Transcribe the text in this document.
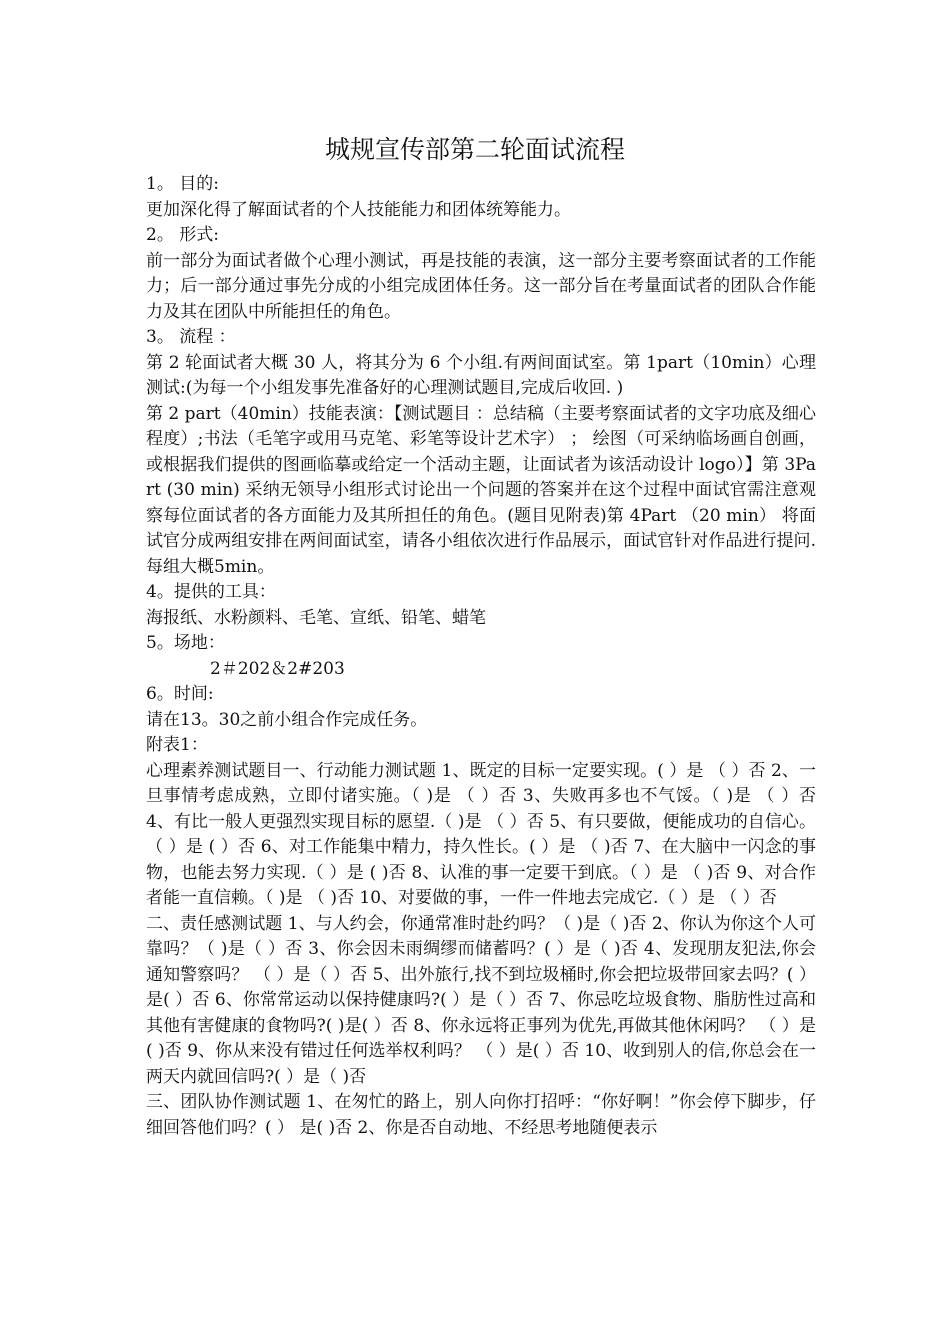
城规宣传部第二轮面试流程

1。 目的:

更加深化得了解面试者的个人技能能力和团体统筹能力。

2。 形式:

前一部分为面试者做个心理小测试，再是技能的表演，这一部分主要考察面试者的工作能力；后一部分通过事先分成的小组完成团体任务。这一部分旨在考量面试者的团队合作能力及其在团队中所能担任的角色。

3。 流程 ：

第 2 轮面试者大概 30 人，将其分为 6 个小组.有两间面试室。第 1part（10min）心理测试:(为每一个小组发事先准备好的心理测试题目,完成后收回. )

第 2 part（40min）技能表演：【测试题目 ：总结稿（主要考察面试者的文字功底及细心程度）;书法（毛笔字或用马克笔、彩笔等设计艺术字） ； 绘图（可采纳临场画自创画，或根据我们提供的图画临摹或给定一个活动主题，让面试者为该活动设计 logo）】第 3Part (30 min) 采纳无领导小组形式讨论出一个问题的答案并在这个过程中面试官需注意观察每位面试者的各方面能力及其所担任的角色。(题目见附表)第 4Part （20 min） 将面试官分成两组安排在两间面试室，请各小组依次进行作品展示，面试官针对作品进行提问.每组大概5min。

4。提供的工具：

海报纸、水粉颜料、毛笔、宣纸、铅笔、蜡笔

5。场地：

2＃202＆2#203

6。时间:

请在13。30之前小组合作完成任务。

附表1：

心理素养测试题目一、行动能力测试题 1、既定的目标一定要实现。( ）是 （ ）否 2、一旦事情考虑成熟，立即付诸实施。（ )是 （ ）否 3、失败再多也不气馁。（ )是 （ ）否 4、有比一般人更强烈实现目标的愿望.（ )是 （ ）否 5、有只要做，便能成功的自信心。 （ ）是 ( ）否 6、对工作能集中精力，持久性长。( ）是 （ )否 7、在大脑中一闪念的事物，也能去努力实现.（ ）是 ( )否 8、认准的事一定要干到底。（ ）是 （ )否 9、对合作者能一直信赖。（ )是 （ )否 10、对要做的事，一件一件地去完成它.（ ）是 （ ）否

二、责任感测试题 1、与人约会，你通常准时赴约吗？（ )是（ )否 2、你认为你这个人可靠吗？（ )是（ ）否 3、你会因未雨绸缪而储蓄吗？( ）是（ )否 4、发现朋友犯法,你会通知警察吗？ （ ）是（ ）否 5、出外旅行,找不到垃圾桶时,你会把垃圾带回家去吗？( ）是( ）否 6、你常常运动以保持健康吗?( ）是（ ）否 7、你忌吃垃圾食物、脂肪性过高和其他有害健康的食物吗?( )是( ）否 8、你永远将正事列为优先,再做其他休闲吗？ （ ）是( )否 9、你从来没有错过任何选举权利吗？ （ ）是( ）否 10、收到别人的信,你总会在一两天内就回信吗?( ）是（ )否

三、团队协作测试题 1、在匆忙的路上，别人向你打招呼：“你好啊！”你会停下脚步，仔细回答他们吗？( ） 是( )否 2、你是否自动地、不经思考地随便表示
